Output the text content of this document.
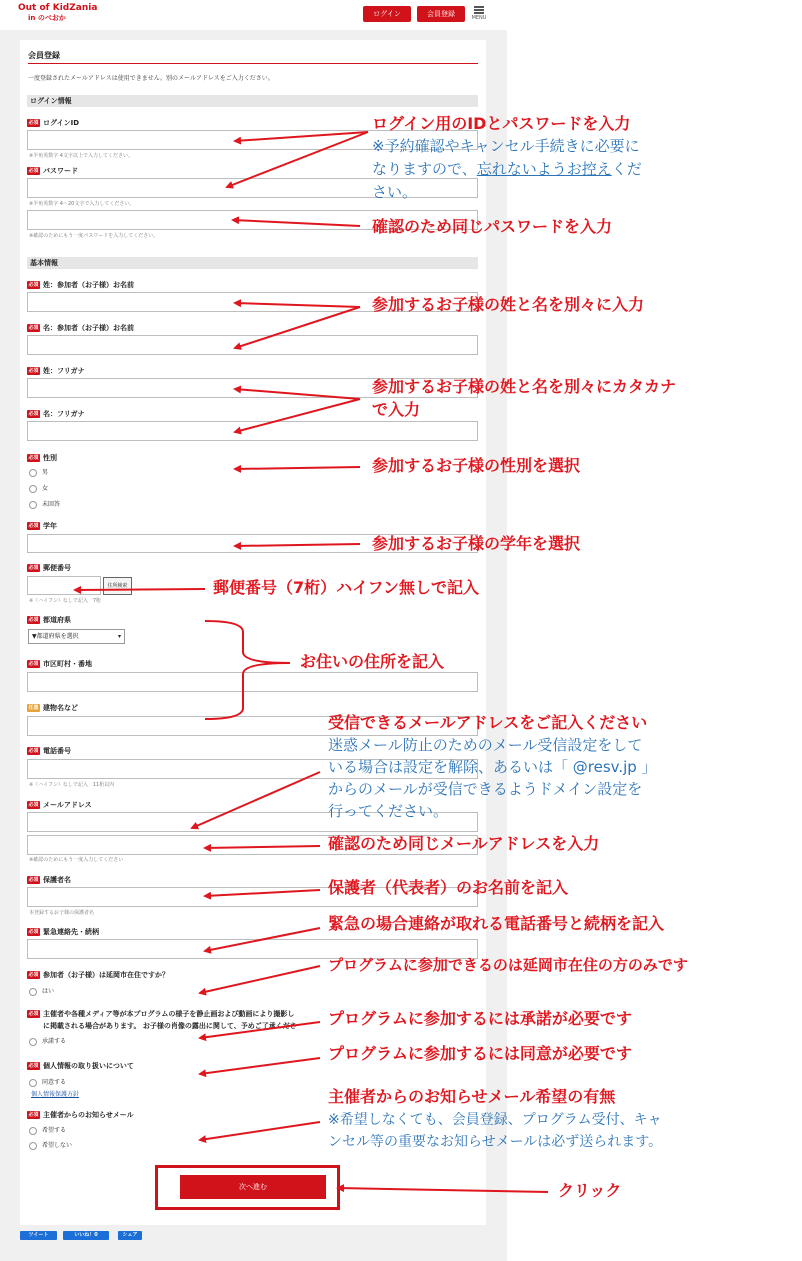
Out of KidZania
in のべおか	ログイン	会員登録	MENU
会員登録
一度登録されたメールアドレスは使用できません。別のメールアドレスをご入力ください。
ログイン情報
必須 ログインID
※半角英数字 4文字以上で入力してください。
必須 パスワード
※半角英数字 4～20文字で入力してください。
※確認のためにもう一度パスワードを入力してください。
基本情報
必須 姓：参加者（お子様）お名前
必須 名：参加者（お子様）お名前
必須 姓：フリガナ
必須 名：フリガナ
必須 性別
男
女
未回答
必須 学年
必須 郵便番号
住所検索
※（ハイフン）なしで記入　7桁
必須 都道府県
▼都道府県を選択	▾
必須 市区町村・番地
任意 建物名など
必須 電話番号
※（ハイフン）なしで記入　11桁以内
必須 メールアドレス
※確認のためにもう一度入力してください
必須 保護者名
本登録するお子様の保護者名
必須 緊急連絡先・続柄
必須 参加者（お子様）は延岡市在住ですか？
はい
必須 主催者や各種メディア等が本プログラムの様子を静止画および動画により撮影し
に掲載される場合があります。 お子様の肖像の露出に関して、予めご了承くださ
承諾する
必須 個人情報の取り扱いについて
同意する
個人情報保護方針
必須 主催者からのお知らせメール
希望する
希望しない
次へ進む
ツイート	いいね！0	シェア
ログイン用のIDとパスワードを入力
※予約確認やキャンセル手続きに必要に
なりますので、忘れないようお控えくだ
さい。
確認のため同じパスワードを入力
参加するお子様の姓と名を別々に入力
参加するお子様の姓と名を別々にカタカナ
で入力
参加するお子様の性別を選択
参加するお子様の学年を選択
郵便番号（7桁）ハイフン無しで記入
お住いの住所を記入
受信できるメールアドレスをご記入ください
迷惑メール防止のためのメール受信設定をして
いる場合は設定を解除、あるいは「 @resv.jp 」
からのメールが受信できるようドメイン設定を
行ってください。
確認のため同じメールアドレスを入力
保護者（代表者）のお名前を記入
緊急の場合連絡が取れる電話番号と続柄を記入
プログラムに参加できるのは延岡市在住の方のみです
プログラムに参加するには承諾が必要です
プログラムに参加するには同意が必要です
主催者からのお知らせメール希望の有無
※希望しなくても、会員登録、プログラム受付、キャ
ンセル等の重要なお知らせメールは必ず送られます。
クリック
